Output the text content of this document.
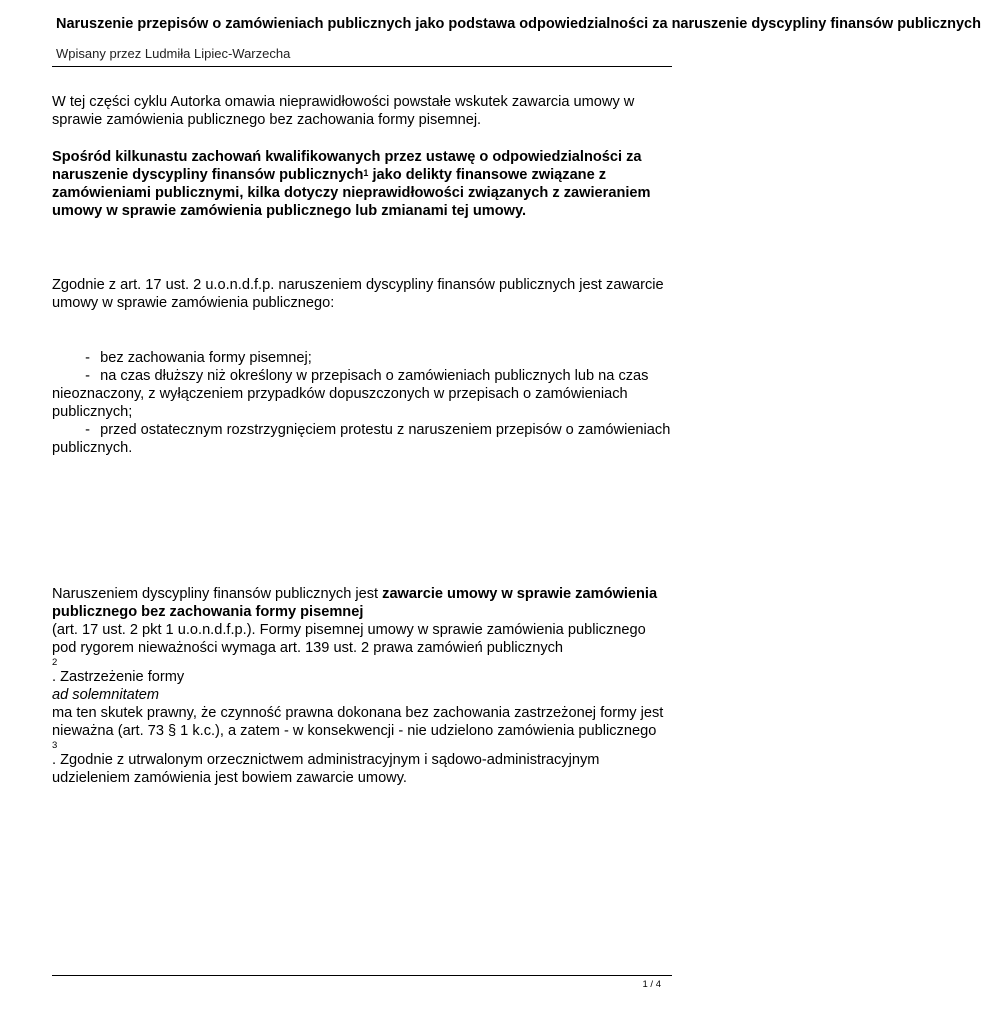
Naruszenie przepisów o zamówieniach publicznych jako podstawa odpowiedzialności za naruszenie dyscypliny finansów publicznych
Wpisany przez Ludmiła Lipiec-Warzecha
W tej części cyklu Autorka omawia nieprawidłowości powstałe wskutek zawarcia umowy w sprawie zamówienia publicznego bez zachowania formy pisemnej.
Spośród kilkunastu zachowań kwalifikowanych przez ustawę o odpowiedzialności za naruszenie dyscypliny finansów publicznych$^1$ jako delikty finansowe związane z zamówieniami publicznymi, kilka dotyczy nieprawidłowości związanych z zawieraniem umowy w sprawie zamówienia publicznego lub zmianami tej umowy.
Zgodnie z art. 17 ust. 2 u.o.n.d.f.p. naruszeniem dyscypliny finansów publicznych jest zawarcie umowy w sprawie zamówienia publicznego:
- bez zachowania formy pisemnej;
- na czas dłuższy niż określony w przepisach o zamówieniach publicznych lub na czas nieoznaczony, z wyłączeniem przypadków dopuszczonych w przepisach o zamówieniach publicznych;
- przed ostatecznym rozstrzygnięciem protestu z naruszeniem przepisów o zamówieniach publicznych.
Naruszeniem dyscypliny finansów publicznych jest zawarcie umowy w sprawie zamówienia publicznego bez zachowania formy pisemnej
(art. 17 ust. 2 pkt 1 u.o.n.d.f.p.). Formy pisemnej umowy w sprawie zamówienia publicznego pod rygorem nieważności wymaga art. 139 ust. 2 prawa zamówień publicznych
2
. Zastrzeżenie formy
ad solemnitatem
ma ten skutek prawny, że czynność prawna dokonana bez zachowania zastrzeżonej formy jest nieważna (art. 73 § 1 k.c.), a zatem - w konsekwencji - nie udzielono zamówienia publicznego
3
. Zgodnie z utrwalonym orzecznictwem administracyjnym i sądowo-administracyjnym udzieleniem zamówienia jest bowiem zawarcie umowy.
1 / 4
